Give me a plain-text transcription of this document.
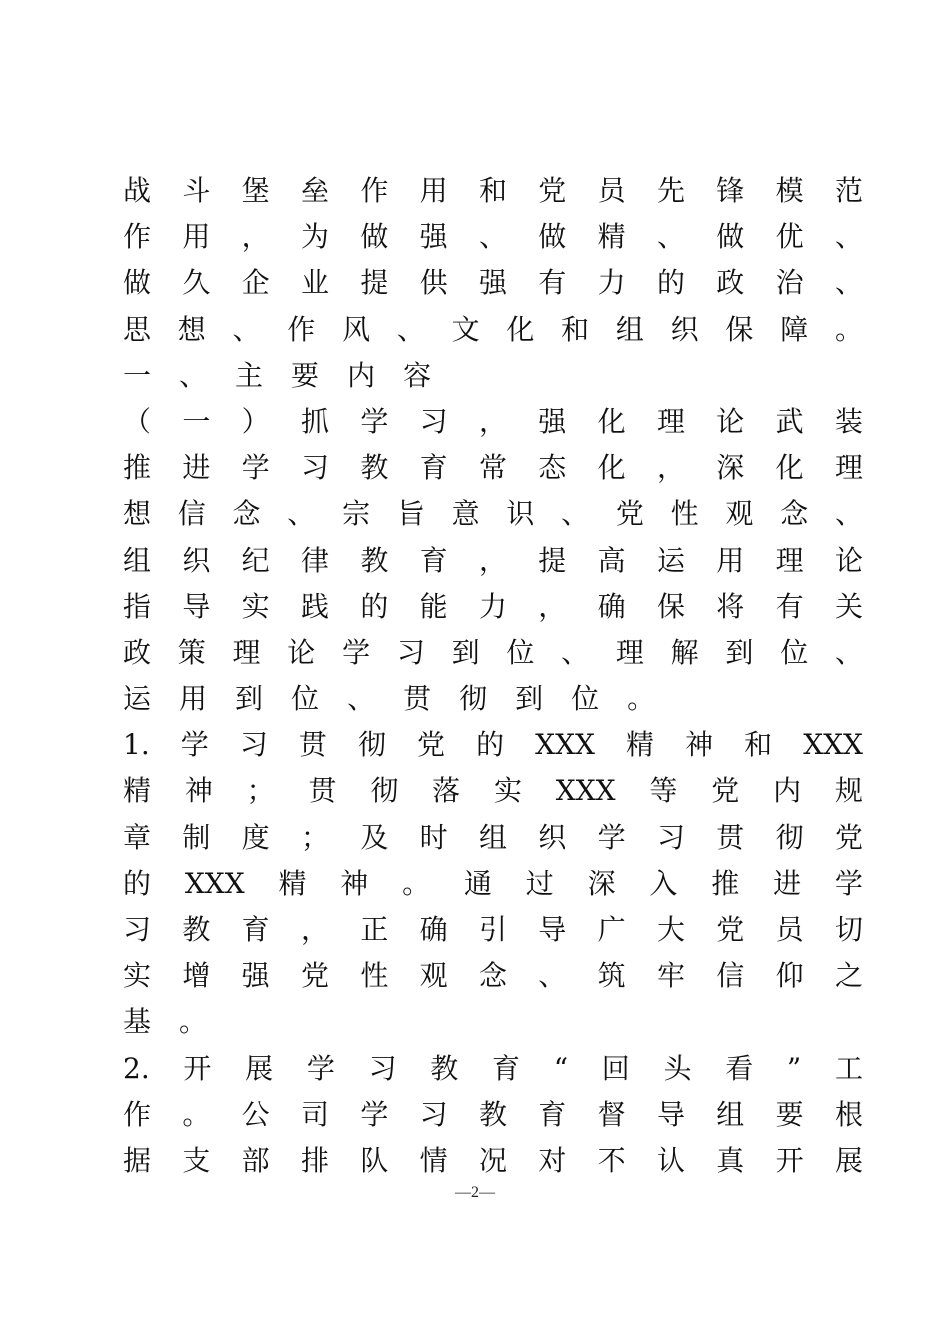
战 斗 堡 垒 作 用 和 党 员 先 锋 模 范
作 用 ， 为 做 强 、 做 精 、 做 优 、
做 久 企 业 提 供 强 有 力 的 政 治 、
思 想 、 作 风 、 文 化 和 组 织 保 障 。
一 、 主 要 内 容
（ 一 ） 抓 学 习 ， 强 化 理 论 武 装
推 进 学 习 教 育 常 态 化 ， 深 化 理
想 信 念 、 宗 旨 意 识 、 党 性 观 念 、
组 织 纪 律 教 育 ， 提 高 运 用 理 论
指 导 实 践 的 能 力 ， 确 保 将 有 关
政 策 理 论 学 习 到 位 、 理 解 到 位 、
运 用 到 位 、 贯 彻 到 位 。
1. 学 习 贯 彻 党 的 XXX 精 神 和 XXX
精 神 ； 贯 彻 落 实 XXX 等 党 内 规
章 制 度 ； 及 时 组 织 学 习 贯 彻 党
的 XXX 精 神 。 通 过 深 入 推 进 学
习 教 育 ， 正 确 引 导 广 大 党 员 切
实 增 强 党 性 观 念 、 筑 牢 信 仰 之
基 。
2. 开 展 学 习 教 育 “ 回 头 看 ” 工
作 。 公 司 学 习 教 育 督 导 组 要 根
据 支 部 排 队 情 况 对 不 认 真 开 展
—2—
